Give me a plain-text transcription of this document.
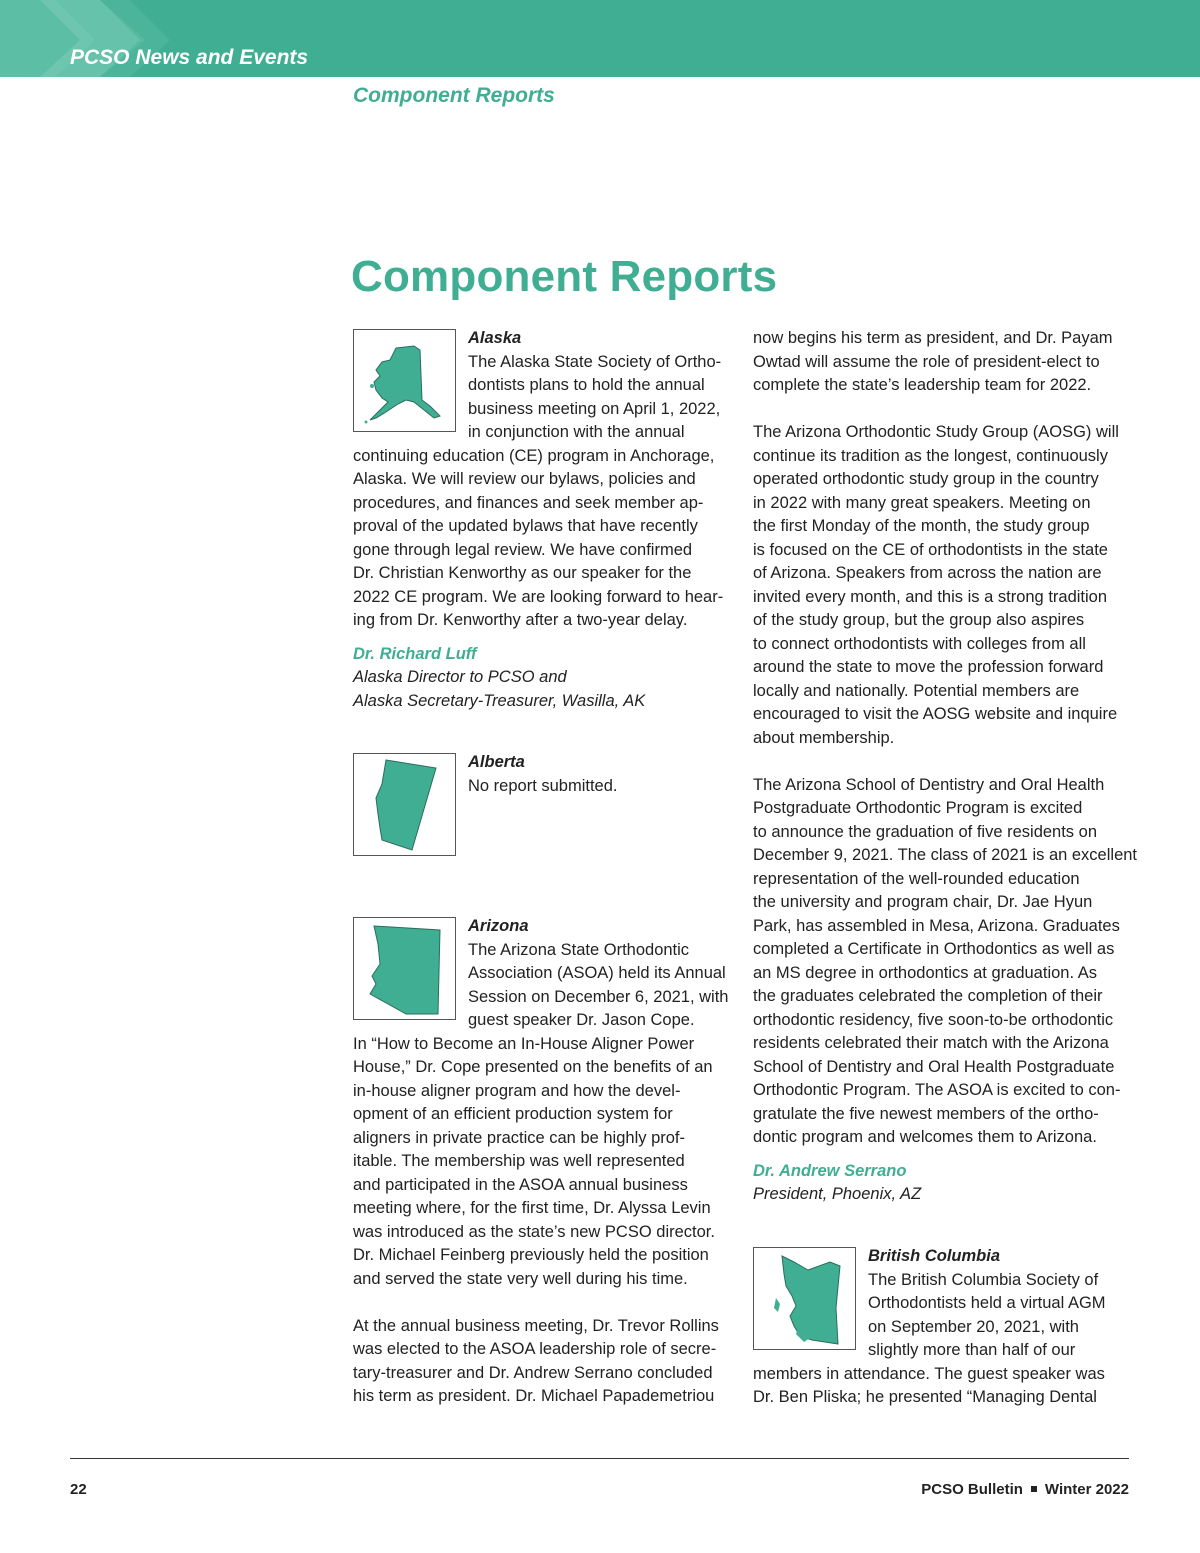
PCSO News and Events
Component Reports
Component Reports
Alaska
The Alaska State Society of Ortho-
dontists plans to hold the annual
business meeting on April 1, 2022,
in conjunction with the annual
continuing education (CE) program in Anchorage,
Alaska. We will review our bylaws, policies and
procedures, and finances and seek member ap-
proval of the updated bylaws that have recently
gone through legal review. We have confirmed
Dr. Christian Kenworthy as our speaker for the
2022 CE program. We are looking forward to hear-
ing from Dr. Kenworthy after a two-year delay.
Dr. Richard Luff
Alaska Director to PCSO and
Alaska Secretary-Treasurer, Wasilla, AK
Alberta
No report submitted.
Arizona
The Arizona State Orthodontic
Association (ASOA) held its Annual
Session on December 6, 2021, with
guest speaker Dr. Jason Cope.
In “How to Become an In-House Aligner Power
House,” Dr. Cope presented on the benefits of an
in-house aligner program and how the devel-
opment of an efficient production system for
aligners in private practice can be highly prof-
itable. The membership was well represented
and participated in the ASOA annual business
meeting where, for the first time, Dr. Alyssa Levin
was introduced as the state’s new PCSO director.
Dr. Michael Feinberg previously held the position
and served the state very well during his time.
At the annual business meeting, Dr. Trevor Rollins
was elected to the ASOA leadership role of secre-
tary-treasurer and Dr. Andrew Serrano concluded
his term as president. Dr. Michael Papademetriou
now begins his term as president, and Dr. Payam
Owtad will assume the role of president-elect to
complete the state’s leadership team for 2022.
The Arizona Orthodontic Study Group (AOSG) will
continue its tradition as the longest, continuously
operated orthodontic study group in the country
in 2022 with many great speakers. Meeting on
the first Monday of the month, the study group
is focused on the CE of orthodontists in the state
of Arizona. Speakers from across the nation are
invited every month, and this is a strong tradition
of the study group, but the group also aspires
to connect orthodontists with colleges from all
around the state to move the profession forward
locally and nationally. Potential members are
encouraged to visit the AOSG website and inquire
about membership.
The Arizona School of Dentistry and Oral Health
Postgraduate Orthodontic Program is excited
to announce the graduation of five residents on
December 9, 2021. The class of 2021 is an excellent
representation of the well-rounded education
the university and program chair, Dr. Jae Hyun
Park, has assembled in Mesa, Arizona. Graduates
completed a Certificate in Orthodontics as well as
an MS degree in orthodontics at graduation. As
the graduates celebrated the completion of their
orthodontic residency, five soon-to-be orthodontic
residents celebrated their match with the Arizona
School of Dentistry and Oral Health Postgraduate
Orthodontic Program. The ASOA is excited to con-
gratulate the five newest members of the ortho-
dontic program and welcomes them to Arizona.
Dr. Andrew Serrano
President, Phoenix, AZ
British Columbia
The British Columbia Society of
Orthodontists held a virtual AGM
on September 20, 2021, with
slightly more than half of our
members in attendance. The guest speaker was
Dr. Ben Pliska; he presented “Managing Dental
22	PCSO Bulletin Winter 2022
